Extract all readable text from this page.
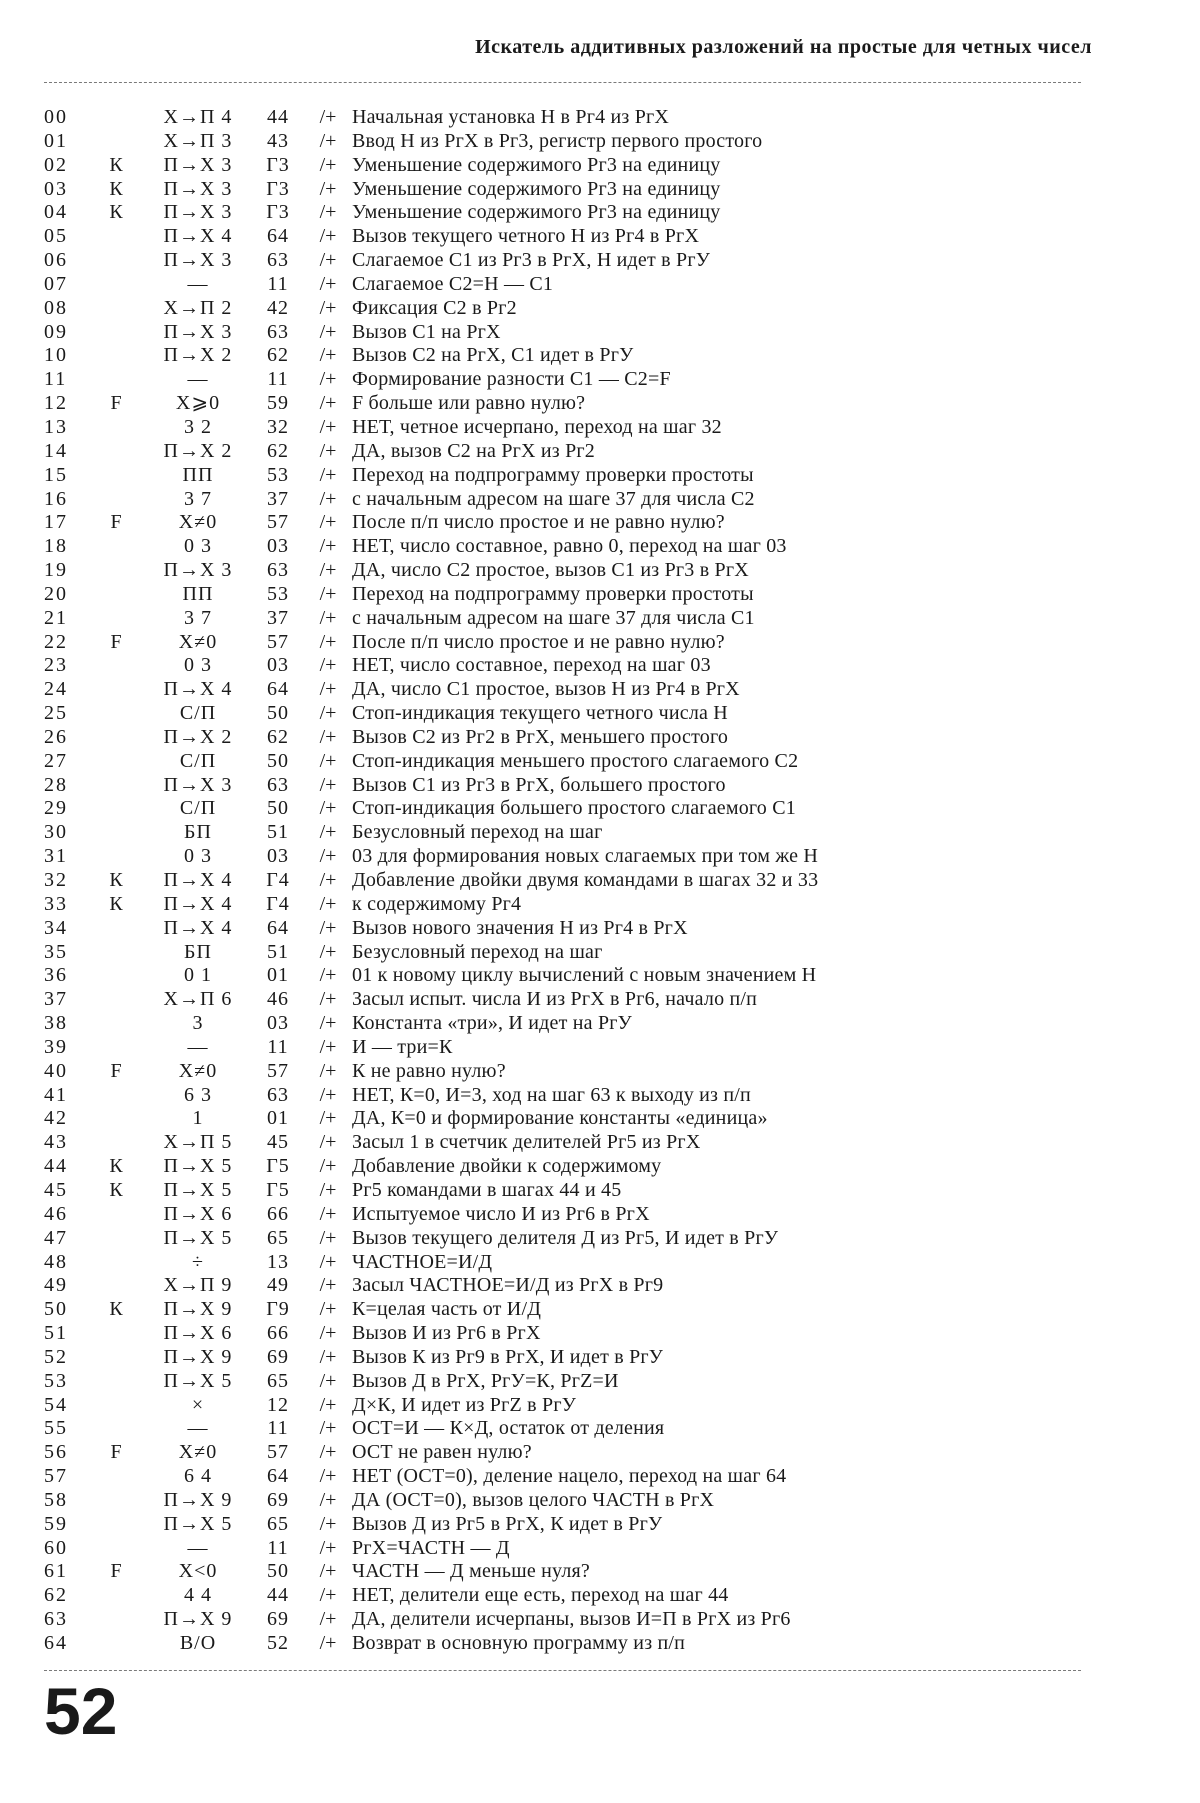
Искатель аддитивных разложений на простые для четных чисел
00	Х→П 4	44	/+ Начальная установка Н в Рг4 из РгХ
01	Х→П 3	43	/+ Ввод Н из РгХ в Рг3, регистр первого простого
02	К	П→Х 3	Г3	/+ Уменьшение содержимого Рг3 на единицу
03	К	П→Х 3	Г3	/+ Уменьшение содержимого Рг3 на единицу
04	К	П→Х 3	Г3	/+ Уменьшение содержимого Рг3 на единицу
05	П→Х 4	64	/+ Вызов текущего четного Н из Рг4 в РгХ
06	П→Х 3	63	/+ Слагаемое С1 из Рг3 в РгХ, Н идет в РгУ
07	—	11	/+ Слагаемое С2=Н — С1
08	Х→П 2	42	/+ Фиксация С2 в Рг2
09	П→Х 3	63	/+ Вызов С1 на РгХ
10	П→Х 2	62	/+ Вызов С2 на РгХ, С1 идет в РгУ
11	—	11	/+ Формирование разности С1 — С2=F
12	F	Х⩾0	59	/+ F больше или равно нулю?
13	3 2	32	/+ НЕТ, четное исчерпано, переход на шаг 32
14	П→Х 2	62	/+ ДА, вызов С2 на РгХ из Рг2
15	ПП	53	/+ Переход на подпрограмму проверки простоты
16	3 7	37	/+ с начальным адресом на шаге 37 для числа С2
17	F	Х≠0	57	/+ После п/п число простое и не равно нулю?
18	0 3	03	/+ НЕТ, число составное, равно 0, переход на шаг 03
19	П→Х 3	63	/+ ДА, число С2 простое, вызов С1 из Рг3 в РгХ
20	ПП	53	/+ Переход на подпрограмму проверки простоты
21	3 7	37	/+ с начальным адресом на шаге 37 для числа С1
22	F	Х≠0	57	/+ После п/п число простое и не равно нулю?
23	0 3	03	/+ НЕТ, число составное, переход на шаг 03
24	П→Х 4	64	/+ ДА, число С1 простое, вызов Н из Рг4 в РгХ
25	С/П	50	/+ Стоп-индикация текущего четного числа Н
26	П→Х 2	62	/+ Вызов С2 из Рг2 в РгХ, меньшего простого
27	С/П	50	/+ Стоп-индикация меньшего простого слагаемого С2
28	П→Х 3	63	/+ Вызов С1 из Рг3 в РгХ, большего простого
29	С/П	50	/+ Стоп-индикация большего простого слагаемого С1
30	БП	51	/+ Безусловный переход на шаг
31	0 3	03	/+ 03 для формирования новых слагаемых при том же Н
32	К	П→Х 4	Г4	/+ Добавление двойки двумя командами в шагах 32 и 33
33	К	П→Х 4	Г4	/+ к содержимому Рг4
34	П→Х 4	64	/+ Вызов нового значения Н из Рг4 в РгХ
35	БП	51	/+ Безусловный переход на шаг
36	0 1	01	/+ 01 к новому циклу вычислений с новым значением Н
37	Х→П 6	46	/+ Засыл испыт. числа И из РгХ в Рг6, начало п/п
38	3	03	/+ Константа «три», И идет на РгУ
39	—	11	/+ И — три=К
40	F	Х≠0	57	/+ К не равно нулю?
41	6 3	63	/+ НЕТ, К=0, И=3, ход на шаг 63 к выходу из п/п
42	1	01	/+ ДА, К=0 и формирование константы «единица»
43	Х→П 5	45	/+ Засыл 1 в счетчик делителей Рг5 из РгХ
44	К	П→Х 5	Г5	/+ Добавление двойки к содержимому
45	К	П→Х 5	Г5	/+ Рг5 командами в шагах 44 и 45
46	П→Х 6	66	/+ Испытуемое число И из Рг6 в РгХ
47	П→Х 5	65	/+ Вызов текущего делителя Д из Рг5, И идет в РгУ
48	÷	13	/+ ЧАСТНОЕ=И/Д
49	Х→П 9	49	/+ Засыл ЧАСТНОЕ=И/Д из РгХ в Рг9
50	К	П→Х 9	Г9	/+ К=целая часть от И/Д
51	П→Х 6	66	/+ Вызов И из Рг6 в РгХ
52	П→Х 9	69	/+ Вызов К из Рг9 в РгХ, И идет в РгУ
53	П→Х 5	65	/+ Вызов Д в РгХ, РгУ=К, РгZ=И
54	×	12	/+ Д×К, И идет из РгZ в РгУ
55	—	11	/+ ОСТ=И — К×Д, остаток от деления
56	F	Х≠0	57	/+ ОСТ не равен нулю?
57	6 4	64	/+ НЕТ (ОСТ=0), деление нацело, переход на шаг 64
58	П→Х 9	69	/+ ДА (ОСТ=0), вызов целого ЧАСТН в РгХ
59	П→Х 5	65	/+ Вызов Д из Рг5 в РгХ, К идет в РгУ
60	—	11	/+ РгХ=ЧАСТН — Д
61	F	Х<0	50	/+ ЧАСТН — Д меньше нуля?
62	4 4	44	/+ НЕТ, делители еще есть, переход на шаг 44
63	П→Х 9	69	/+ ДА, делители исчерпаны, вызов И=П в РгХ из Рг6
64	В/О	52	/+ Возврат в основную программу из п/п
52
